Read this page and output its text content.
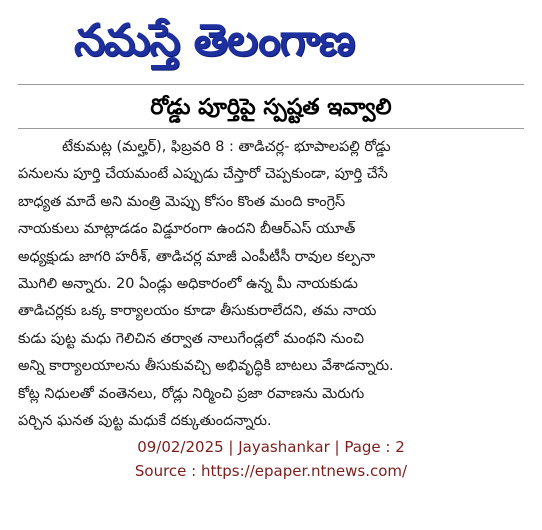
నమస్తే తెలంగాణ
రోడ్డు పూర్తిపై స్పష్టత ఇవ్వాలి
టేకుమట్ల (మల్హర్), ఫిబ్రవరి 8 : తాడిచర్ల- భూపాలపల్లి రోడ్డు
పనులను పూర్తి చేయమంటే ఎప్పుడు చేస్తారో చెప్పకుండా, పూర్తి చేసే
బాధ్యత మాదే అని మంత్రి మెప్పు కోసం కొంత మంది కాంగ్రెస్
నాయకులు మాట్లాడడం విడ్డూరంగా ఉందని బీఆర్‌ఎస్ యూత్
అధ్యక్షుడు జాగరి హరీశ్, తాడిచర్ల మాజీ ఎంపీటీసీ రావుల కల్పనా
మొగిలి అన్నారు. 20 ఏండ్లు అధికారంలో ఉన్న మీ నాయకుడు
తాడిచర్లకు ఒక్క కార్యాలయం కూడా తీసుకురాలేదని, తమ నాయ
కుడు పుట్ట మధు గెలిచిన తర్వాత నాలుగేండ్లలో మంథని నుంచి
అన్ని కార్యాలయాలను తీసుకువచ్చి అభివృద్ధికి బాటలు వేశాడన్నారు.
కోట్ల నిధులతో వంతెనలు, రోడ్లు నిర్మించి ప్రజా రవాణను మెరుగు
పర్చిన ఘనత పుట్ట మధుకే దక్కుతుందన్నారు.
09/02/2025 | Jayashankar | Page : 2
Source : https://epaper.ntnews.com/
